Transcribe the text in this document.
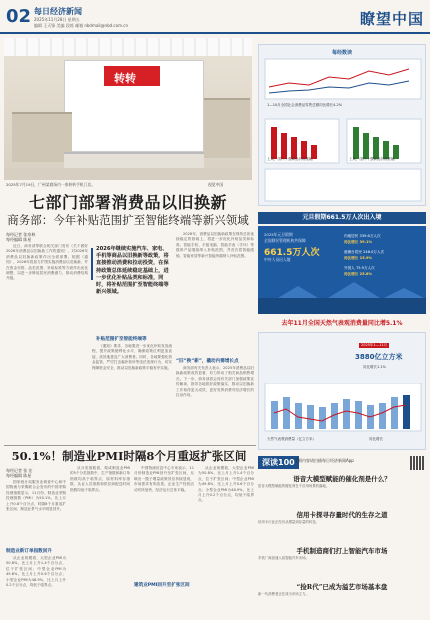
02 每日经济新闻
2025年11月28日 星期五
编辑 王天锋 美编 段炼 邮箱 nbdmail@nbd.com.cn	瞭望中国
转转
2025年7月19日，广州某商场内一家转转手机门店。	视觉中国
七部门部署消费品以旧换新
商务部：今年补贴范围扩至智能终端等新兴领域
每经记者 张寿林
每经编辑 陈星

近日，商务部等联合相关部门发布《关于做好2026年消费品以旧换新工作的通知》，对2026年消费品以旧换新政策作出全面部署。根据《通知》，2026年将加力扩围实施消费品以旧换新，并在资金安排、品类范围、补贴标准等方面作出优化调整，以进一步释放居民消费潜力，推动消费结构升级。

2026年继续实施汽车、家电、手机等商品以旧换新等政策，将直接推动消费和拉动投资，在保持政策总体延续稳定基础上，进一步优化补贴品类和标准，同时，将补贴范围扩至智能终端等新兴领域。
补贴范围扩至智能终端等

《通知》要求，各地要进一步优化补贴发放流程，提升政策便利化水平，确保政策红利更加直接、高效地惠及广大消费者。同时，各地要强化资金监管，严厉打击骗补套补等违法违规行为，切实保障资金安全，推动以旧换新政策平稳有序实施。

2026年，消费品以旧换新政策在保持总体延续稳定的基础上，将进一步优化补贴品类和标准。智能手机、平板电脑、智能手表（手环）等数码产品继续纳入补贴范围，并首次将智能眼镜、智能家居等新兴智能终端纳入补贴范围。

“旧”换“新”，撬动内需增长点

商务部有关负责人表示，2025年消费品以旧换新政策成效显著，有力带动了相关商品销售增长。下一步，商务部将会同有关部门加强政策宣传解读，指导各地抓好政策落实，推动以旧换新工作取得更大成效，更好发挥消费对经济增长的拉动作用。

50.1%！制造业PMI时隔8个月重返扩张区间
每经记者 张 宏
每经编辑 陈星

国家统计局服务业调查中心和中国物流与采购联合会发布的中国采购经理指数显示，11月份，制造业采购经理指数（PMI）为50.1%，比上月上升0.8个百分点，时隔8个月重返扩张区间，制造业景气水平明显回升。

制造业新订单指数回升

从企业规模看，大型企业PMI为50.8%，比上月上升1.4个百分点，位于扩张区间；中型企业PMI为49.8%，比上月上升0.6个百分点；小型企业PMI为48.9%，比上月上升0.2个百分点，均低于临界点。

从分类指数看，构成制造业PMI的5个分类指数中，生产指数和新订单指数均高于临界点，原材料库存指数、从业人员指数和供应商配送时间指数均低于临界点。

中国物流信息中心专家表示，11月份制造业PMI回升至扩张区间，反映出一揽子增量政策效应持续显现，市场需求有所改善，企业生产经营活动有所加快，经济运行总体平稳。

建筑业PMI回升至扩张区间

从企业规模看，大型企业PMI为50.8%，比上月上升1.4个百分点，位于扩张区间；中型企业PMI为49.8%，比上月上升0.6个百分点；小型企业PMI为48.9%，比上月上升0.2个百分点，均低于临界点。

每经数读
1—10月全国社会消费品零售总额同比增长4.2%
上周，国内十强商品价格涨幅	上周，国内十强商品价格跌幅
元旦假期661.5万人次出入境
2025年元旦假期
全国移民管理机构共保障
661.5万人次
中外人员出入境
内地居民 339.6万人次
同比增长 39.1%
港澳台居民 246.0万人次
同比增长 15.9%
外国人 75.9万人次
同比增长 25.8%
去年11月全国天然气表观消费量同比增5.1%
2025年1—11月
3880亿立方米
同比增长1.1%
天然气表观消费量（亿立方米）	同比增长
深读100 详细内容请扫描每日经济新闻App
语音大模型赋能的催化剂是什么？
语音大模型赋能的催化剂在于应用场景的落地。
信用卡探寻存量时代的生存之道
信用卡行业正经历从增量到存量的转变。
手机制造商们打上智能汽车市场
手机厂商加速入局智能汽车市场。
“捡R代”已成为溢艺市场基本盘
新一代消费者正在成为市场主力。
